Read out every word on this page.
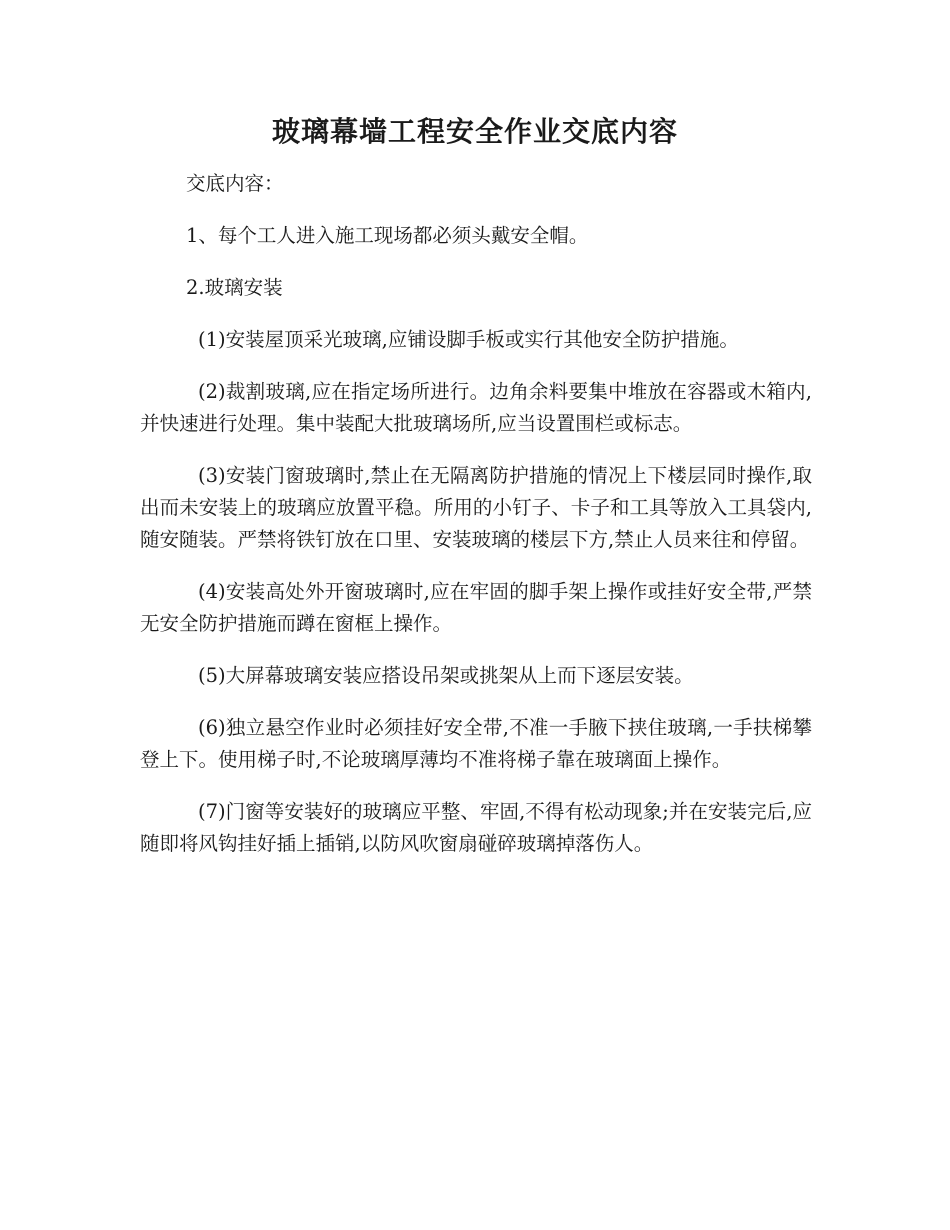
玻璃幕墙工程安全作业交底内容

交底内容：

1、每个工人进入施工现场都必须头戴安全帽。

2.玻璃安装

(1)安装屋顶采光玻璃,应铺设脚手板或实行其他安全防护措施。

(2)裁割玻璃,应在指定场所进行。边角余料要集中堆放在容器或木箱内,并快速进行处理。集中装配大批玻璃场所,应当设置围栏或标志。

(3)安装门窗玻璃时,禁止在无隔离防护措施的情况上下楼层同时操作,取出而未安装上的玻璃应放置平稳。所用的小钉子、卡子和工具等放入工具袋内,随安随装。严禁将铁钉放在口里、安装玻璃的楼层下方,禁止人员来往和停留。

(4)安装高处外开窗玻璃时,应在牢固的脚手架上操作或挂好安全带,严禁无安全防护措施而蹲在窗框上操作。

(5)大屏幕玻璃安装应搭设吊架或挑架从上而下逐层安装。

(6)独立悬空作业时必须挂好安全带,不准一手腋下挟住玻璃,一手扶梯攀登上下。使用梯子时,不论玻璃厚薄均不准将梯子靠在玻璃面上操作。

(7)门窗等安装好的玻璃应平整、牢固,不得有松动现象;并在安装完后,应随即将风钩挂好插上插销,以防风吹窗扇碰碎玻璃掉落伤人。
